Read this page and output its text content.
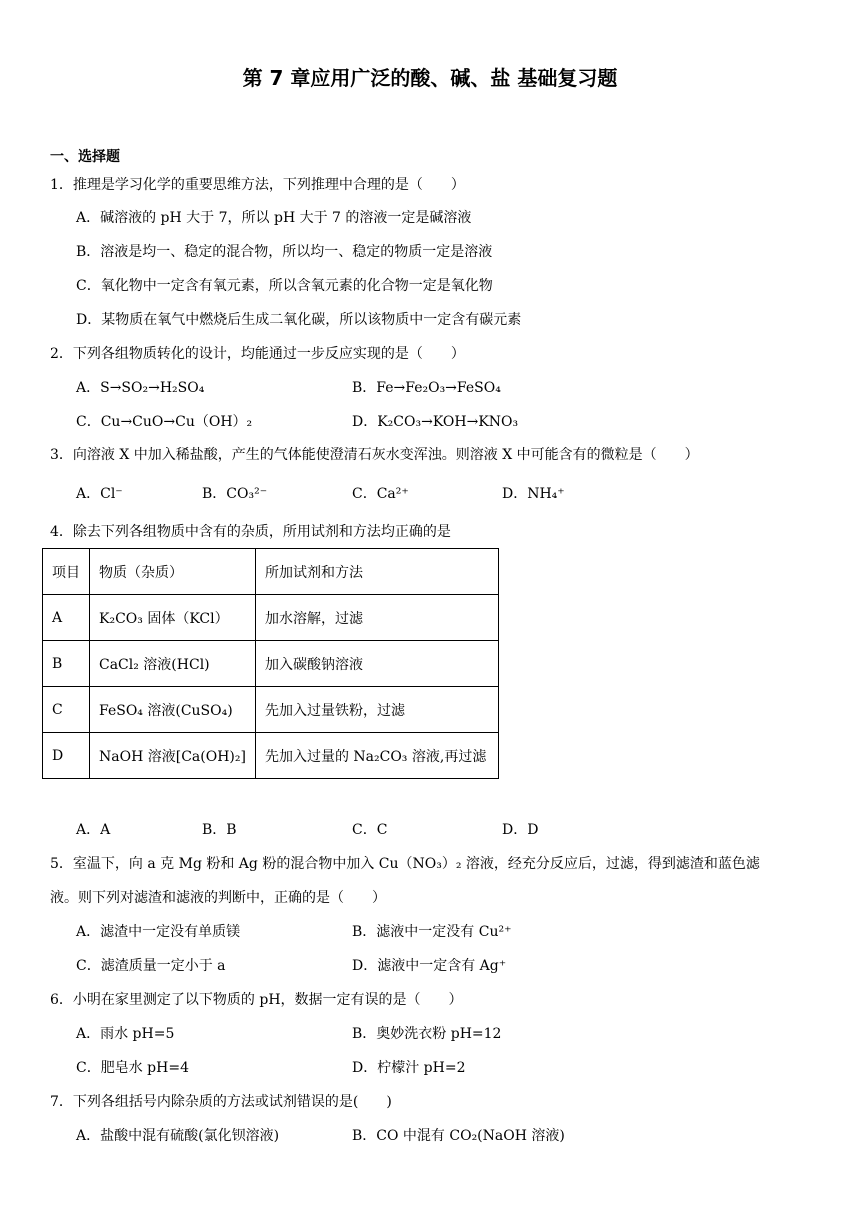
第 7 章应用广泛的酸、碱、盐 基础复习题
一、选择题
1．推理是学习化学的重要思维方法，下列推理中合理的是（　　）
A．碱溶液的 pH 大于 7，所以 pH 大于 7 的溶液一定是碱溶液
B．溶液是均一、稳定的混合物，所以均一、稳定的物质一定是溶液
C．氧化物中一定含有氧元素，所以含氧元素的化合物一定是氧化物
D．某物质在氧气中燃烧后生成二氧化碳，所以该物质中一定含有碳元素
2．下列各组物质转化的设计，均能通过一步反应实现的是（　　）
A．S→SO₂→H₂SO₄	B．Fe→Fe₂O₃→FeSO₄
C．Cu→CuO→Cu（OH）₂	D．K₂CO₃→KOH→KNO₃
3．向溶液 X 中加入稀盐酸，产生的气体能使澄清石灰水变浑浊。则溶液 X 中可能含有的微粒是（　　）
A．Cl⁻	B．CO₃²⁻	C．Ca²⁺	D．NH₄⁺
4．除去下列各组物质中含有的杂质，所用试剂和方法均正确的是
项目	物质（杂质）	所加试剂和方法
A	K₂CO₃ 固体（KCl）	加水溶解，过滤
B	CaCl₂ 溶液(HCl)	加入碳酸钠溶液
C	FeSO₄ 溶液(CuSO₄)	先加入过量铁粉，过滤
D	NaOH 溶液[Ca(OH)₂]	先加入过量的 Na₂CO₃ 溶液,再过滤
A．A	B．B	C．C	D．D
5．室温下，向 a 克 Mg 粉和 Ag 粉的混合物中加入 Cu（NO₃）₂ 溶液，经充分反应后，过滤，得到滤渣和蓝色滤
液。则下列对滤渣和滤液的判断中，正确的是（　　）
A．滤渣中一定没有单质镁	B．滤液中一定没有 Cu²⁺
C．滤渣质量一定小于 a	D．滤液中一定含有 Ag⁺
6．小明在家里测定了以下物质的 pH，数据一定有误的是（　　）
A．雨水 pH=5	B．奥妙洗衣粉 pH=12
C．肥皂水 pH=4	D．柠檬汁 pH=2
7．下列各组括号内除杂质的方法或试剂错误的是(　　)
A．盐酸中混有硫酸(氯化钡溶液)	B．CO 中混有 CO₂(NaOH 溶液)
